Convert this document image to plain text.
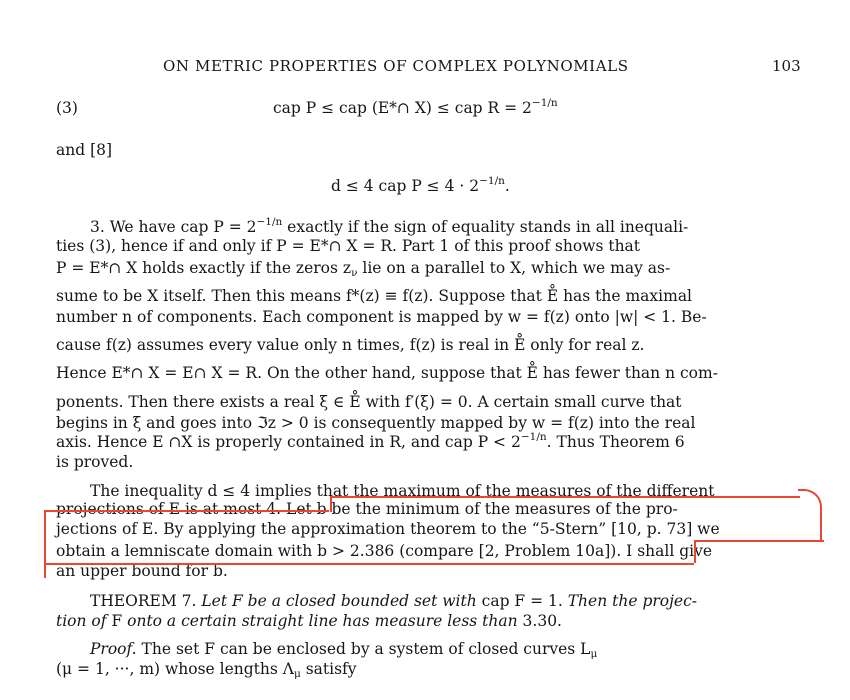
ON METRIC PROPERTIES OF COMPLEX POLYNOMIALS	103
(3)	cap P ≤ cap (E*∩ X) ≤ cap $R = 2^{-1/n}$
and [8]
d ≤ 4 cap $P \le 4 \cdot 2^{-1/n}$.
3. We have cap $P = 2^{-1/n}$ exactly if the sign of equality stands in all inequali-
ties (3), hence if and only if P = E*∩ X = R. Part 1 of this proof shows that
P = E*∩ X holds exactly if the zeros $z_\nu$ lie on a parallel to X, which we may as-
sume to be X itself. Then this means f*(z) ≡ f(z). Suppose that E̊ has the maximal
number n of components. Each component is mapped by w = f(z) onto |w| < 1. Be-
cause f(z) assumes every value only n times, f(z) is real in E̊ only for real z.
Hence E*∩ X = E∩ X = R. On the other hand, suppose that E̊ has fewer than n com-
ponents. Then there exists a real ξ ∈ E̊ with f′(ξ) = 0. A certain small curve that
begins in ξ and goes into ℑz > 0 is consequently mapped by w = f(z) into the real
axis. Hence E ∩X is properly contained in R, and cap $P < 2^{-1/n}$. Thus Theorem 6
is proved.
The inequality d ≤ 4 implies that the maximum of the measures of the different
projections of E is at most 4. Let b be the minimum of the measures of the pro-
jections of E. By applying the approximation theorem to the “5-Stern” [10, p. 73] we
obtain a lemniscate domain with b > 2.386 (compare [2, Problem 10a]). I shall give
an upper bound for b.
THEOREM 7. Let F be a closed bounded set with cap F = 1. Then the projec-
tion of F onto a certain straight line has measure less than 3.30.
Proof. The set F can be enclosed by a system of closed curves $L_\mu$
(μ = 1, ···, m) whose lengths $\Lambda_\mu$ satisfy
